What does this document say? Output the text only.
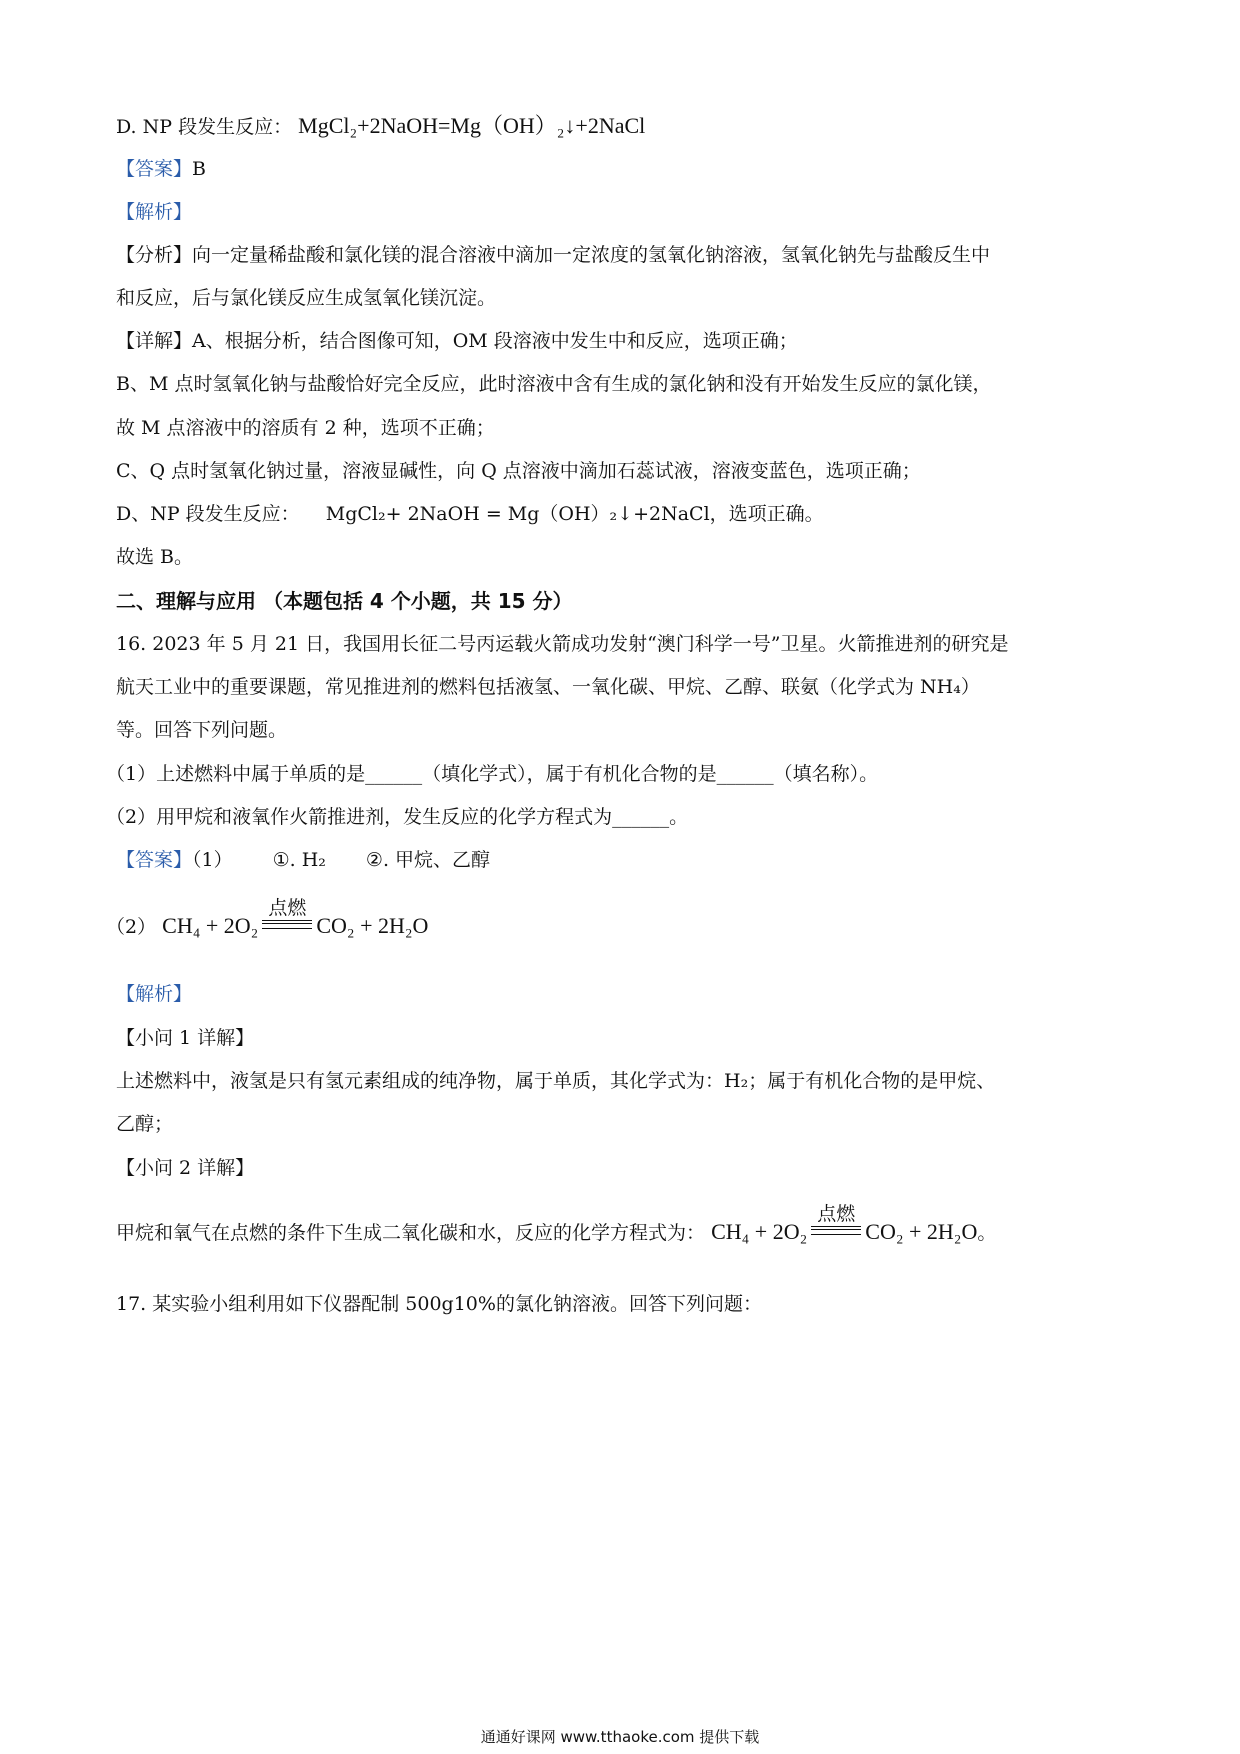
D. NP 段发生反应： MgCl₂+2NaOH=Mg（OH）₂↓+2NaCl
【答案】B
【解析】
【分析】向一定量稀盐酸和氯化镁的混合溶液中滴加一定浓度的氢氧化钠溶液，氢氧化钠先与盐酸反生中
和反应，后与氯化镁反应生成氢氧化镁沉淀。
【详解】A、根据分析，结合图像可知，OM 段溶液中发生中和反应，选项正确；
B、M 点时氢氧化钠与盐酸恰好完全反应，此时溶液中含有生成的氯化钠和没有开始发生反应的氯化镁，
故 M 点溶液中的溶质有 2 种，选项不正确；
C、Q 点时氢氧化钠过量，溶液显碱性，向 Q 点溶液中滴加石蕊试液，溶液变蓝色，选项正确；
D、NP 段发生反应： MgCl₂+ 2NaOH = Mg（OH）₂↓+2NaCl，选项正确。
故选 B。
二、理解与应用 （本题包括 4 个小题，共 15 分）
16. 2023 年 5 月 21 日，我国用长征二号丙运载火箭成功发射“澳门科学一号”卫星。火箭推进剂的研究是
航天工业中的重要课题，常见推进剂的燃料包括液氢、一氧化碳、甲烷、乙醇、联氨（化学式为 NH₄）
等。回答下列问题。
（1）上述燃料中属于单质的是______（填化学式），属于有机化合物的是______（填名称）。
（2）用甲烷和液氧作火箭推进剂，发生反应的化学方程式为______。
【答案】（1） ①. H₂ ②. 甲烷、乙醇
（2） CH₄ + 2O₂
点燃
CO₂ + 2H₂O
【解析】
【小问 1 详解】
上述燃料中，液氢是只有氢元素组成的纯净物，属于单质，其化学式为：H₂；属于有机化合物的是甲烷、
乙醇；
【小问 2 详解】
甲烷和氧气在点燃的条件下生成二氧化碳和水，反应的化学方程式为： CH₄ + 2O₂
点燃
CO₂ + 2H₂O。
17. 某实验小组利用如下仪器配制 500g10%的氯化钠溶液。回答下列问题：
通通好课网 www.tthaoke.com 提供下载
